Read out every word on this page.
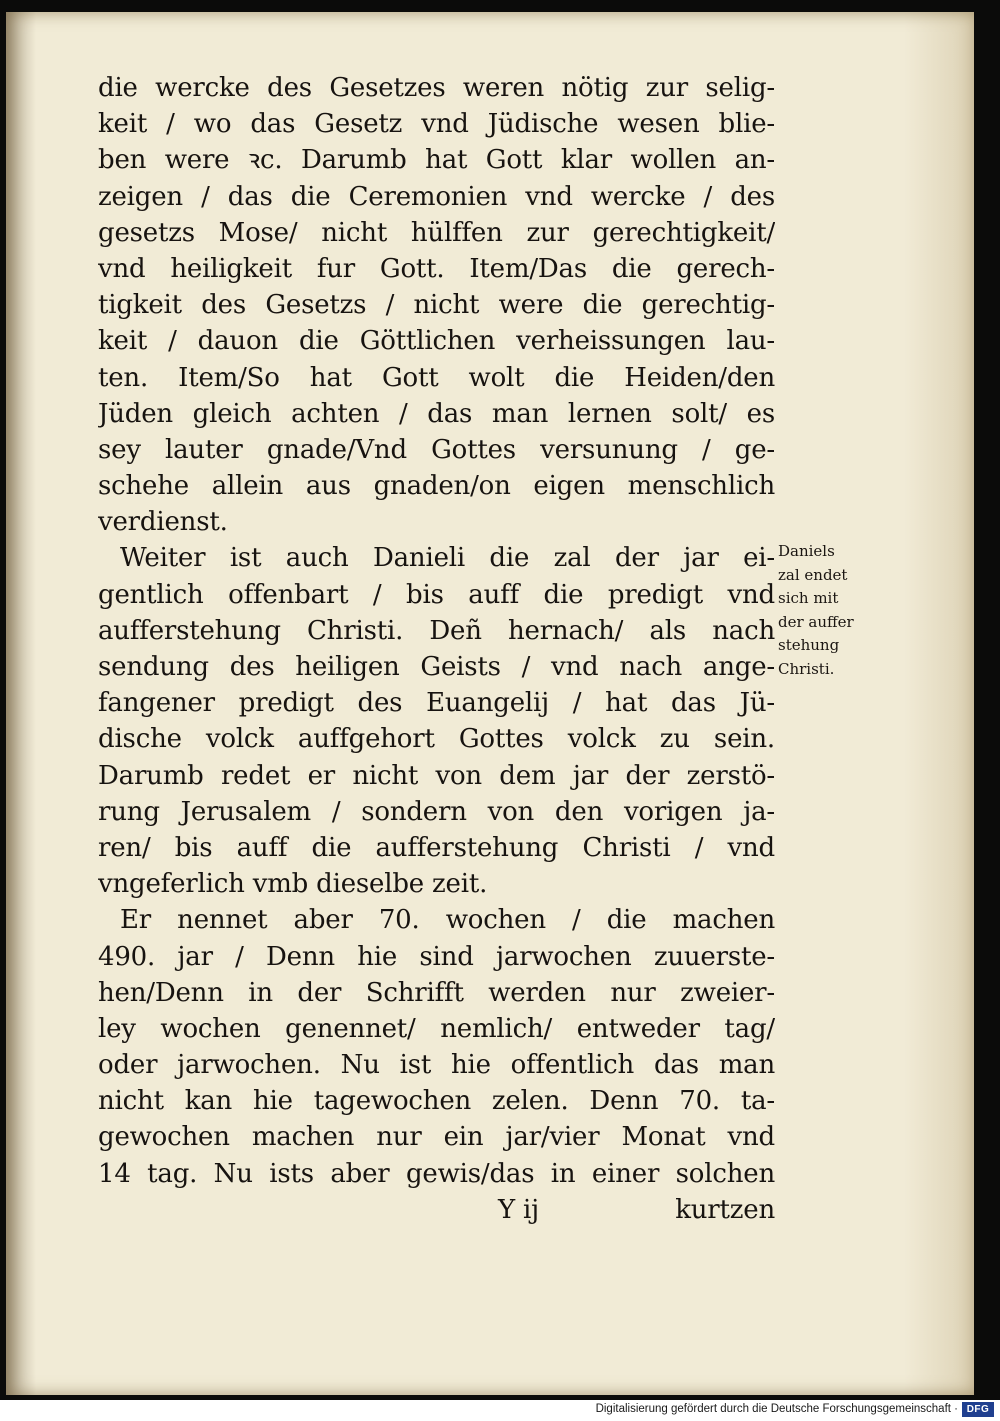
die wercke des Gesetzes weren nötig zur selig-
keit / wo das Gesetz vnd Jüdische wesen blie-
ben were ꝛc. Darumb hat Gott klar wollen an-
zeigen / das die Ceremonien vnd wercke / des
gesetzs Mose/ nicht hülffen zur gerechtigkeit/
vnd heiligkeit fur Gott. Item/Das die gerech-
tigkeit des Gesetzs / nicht were die gerechtig-
keit / dauon die Göttlichen verheissungen lau-
ten. Item/So hat Gott wolt die Heiden/den
Jüden gleich achten / das man lernen solt/ es
sey lauter gnade/Vnd Gottes versunung / ge-
schehe allein aus gnaden/on eigen menschlich
verdienst.
Weiter ist auch Danieli die zal der jar ei-
gentlich offenbart / bis auff die predigt vnd
aufferstehung Christi. Deñ hernach/ als nach
sendung des heiligen Geists / vnd nach ange-
fangener predigt des Euangelij / hat das Jü-
dische volck auffgehort Gottes volck zu sein.
Darumb redet er nicht von dem jar der zerstö-
rung Jerusalem / sondern von den vorigen ja-
ren/ bis auff die aufferstehung Christi / vnd
vngeferlich vmb dieselbe zeit.
Er nennet aber 70. wochen / die machen
490. jar / Denn hie sind jarwochen zuuerste-
hen/Denn in der Schrifft werden nur zweier-
ley wochen genennet/ nemlich/ entweder tag/
oder jarwochen. Nu ist hie offentlich das man
nicht kan hie tagewochen zelen. Denn 70. ta-
gewochen machen nur ein jar/vier Monat vnd
14 tag. Nu ists aber gewis/das in einer solchen
Y ij	kurtzen
Daniels
zal endet
sich mit
der auffer
stehung
Christi.
Digitalisierung gefördert durch die Deutsche Forschungsgemeinschaft · DFG
